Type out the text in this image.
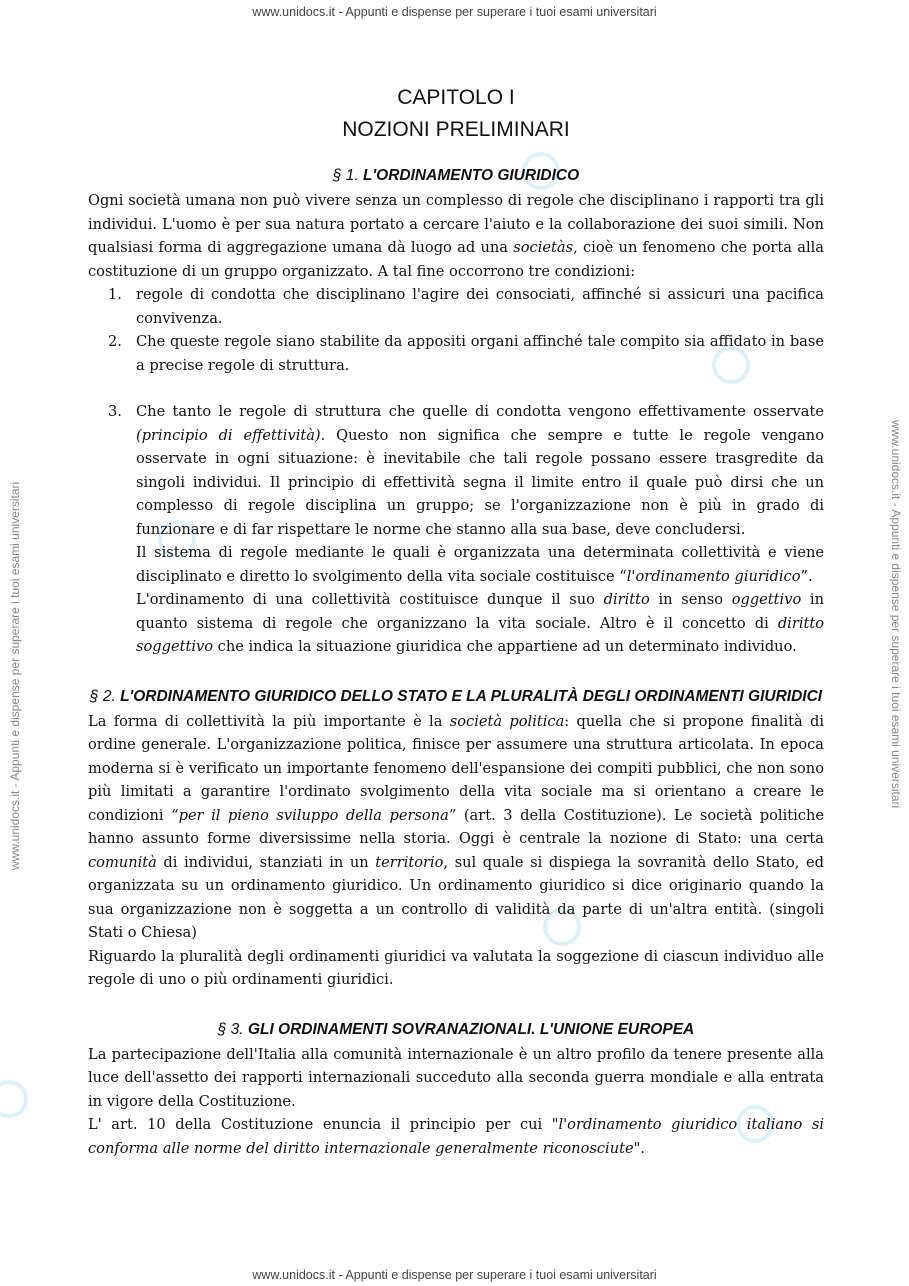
www.unidocs.it - Appunti e dispense per superare i tuoi esami universitari
www.unidocs.it - Appunti e dispense per superare i tuoi esami universitari
www.unidocs.it - Appunti e dispense per superare i tuoi esami universitari	www.unidocs.it - Appunti e dispense per superare i tuoi esami universitari

CAPITOLO I

NOZIONI PRELIMINARI

§ 1. L'ORDINAMENTO GIURIDICO

Ogni società umana non può vivere senza un complesso di regole che disciplinano i rapporti tra gli individui. L'uomo è per sua natura portato a cercare l'aiuto e la collaborazione dei suoi simili. Non qualsiasi forma di aggregazione umana dà luogo ad una societàs, cioè un fenomeno che porta alla costituzione di un gruppo organizzato. A tal fine occorrono tre condizioni:

1. regole di condotta che disciplinano l'agire dei consociati, affinché si assicuri una pacifica convivenza.

2. Che queste regole siano stabilite da appositi organi affinché tale compito sia affidato in base a precise regole di struttura.

3. Che tanto le regole di struttura che quelle di condotta vengono effettivamente osservate (principio di effettività). Questo non significa che sempre e tutte le regole vengano osservate in ogni situazione: è inevitabile che tali regole possano essere trasgredite da singoli individui. Il principio di effettività segna il limite entro il quale può dirsi che un complesso di regole disciplina un gruppo; se l'organizzazione non è più in grado di funzionare e di far rispettare le norme che stanno alla sua base, deve concludersi.

Il sistema di regole mediante le quali è organizzata una determinata collettività e viene disciplinato e diretto lo svolgimento della vita sociale costituisce “l'ordinamento giuridico”.

L'ordinamento di una collettività costituisce dunque il suo diritto in senso oggettivo in quanto sistema di regole che organizzano la vita sociale. Altro è il concetto di diritto soggettivo che indica la situazione giuridica che appartiene ad un determinato individuo.

§ 2. L'ORDINAMENTO GIURIDICO DELLO STATO E LA PLURALITÀ DEGLI ORDINAMENTI GIURIDICI

La forma di collettività la più importante è la società politica: quella che si propone finalità di ordine generale. L'organizzazione politica, finisce per assumere una struttura articolata. In epoca moderna si è verificato un importante fenomeno dell'espansione dei compiti pubblici, che non sono più limitati a garantire l'ordinato svolgimento della vita sociale ma si orientano a creare le condizioni “per il pieno sviluppo della persona” (art. 3 della Costituzione). Le società politiche hanno assunto forme diversissime nella storia. Oggi è centrale la nozione di Stato: una certa comunità di individui, stanziati in un territorio, sul quale si dispiega la sovranità dello Stato, ed organizzata su un ordinamento giuridico. Un ordinamento giuridico si dice originario quando la sua organizzazione non è soggetta a un controllo di validità da parte di un'altra entità. (singoli Stati o Chiesa)

Riguardo la pluralità degli ordinamenti giuridici va valutata la soggezione di ciascun individuo alle regole di uno o più ordinamenti giuridici.

§ 3. GLI ORDINAMENTI SOVRANAZIONALI. L'UNIONE EUROPEA

La partecipazione dell'Italia alla comunità internazionale è un altro profilo da tenere presente alla luce dell'assetto dei rapporti internazionali succeduto alla seconda guerra mondiale e alla entrata in vigore della Costituzione.

L' art. 10 della Costituzione enuncia il principio per cui "l'ordinamento giuridico italiano si conforma alle norme del diritto internazionale generalmente riconosciute".
